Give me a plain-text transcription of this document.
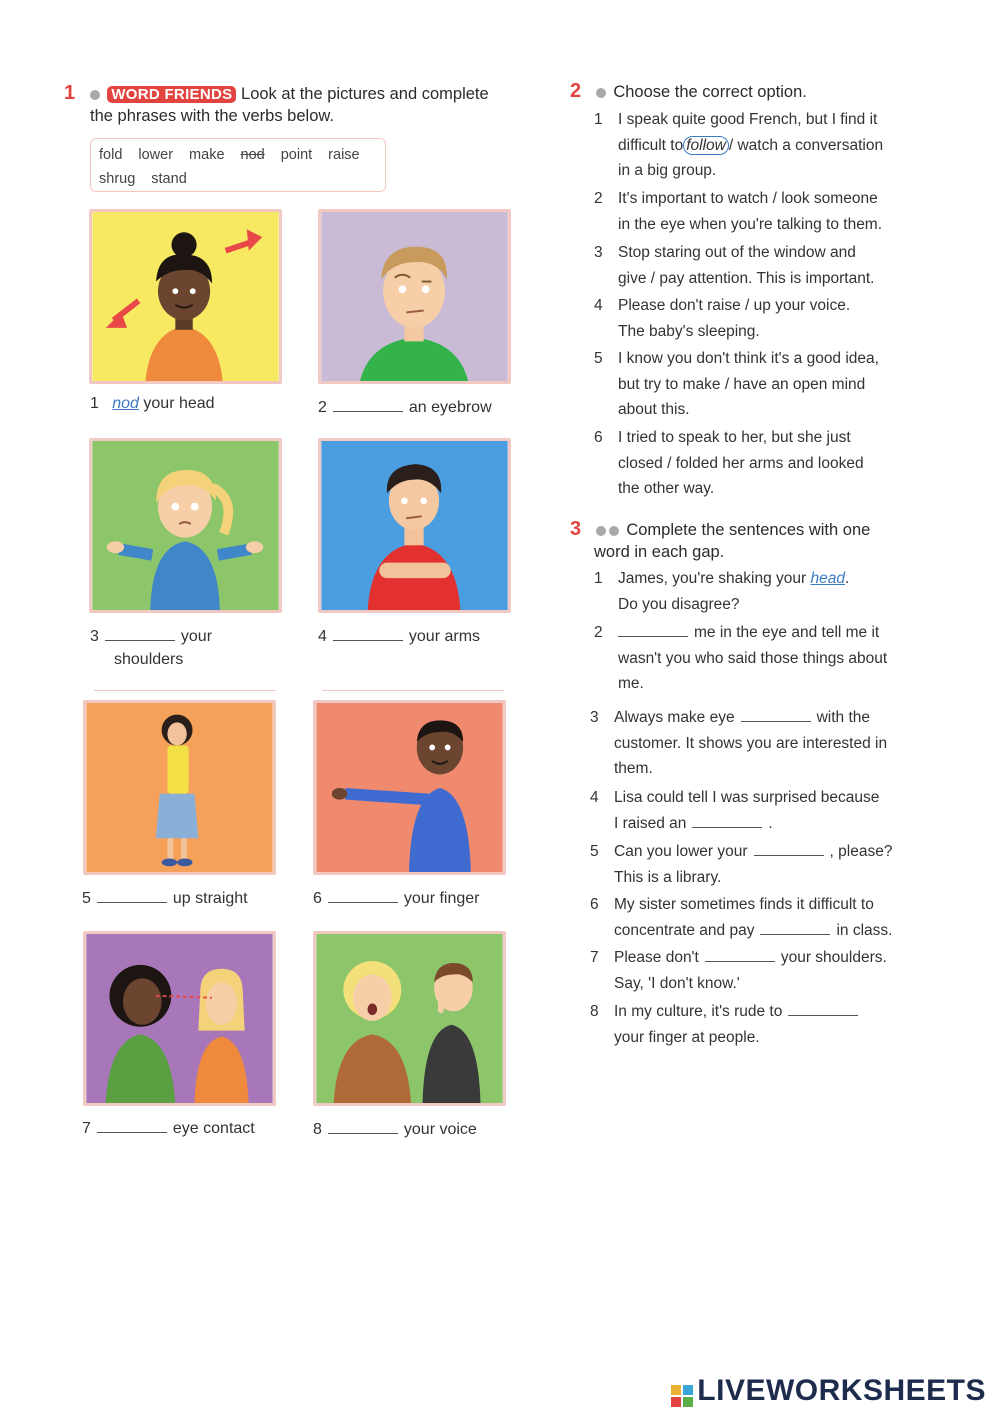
1 WORD FRIENDS Look at the pictures and complete
the phrases with the verbs below.
fold lower make nod point raise
shrug stand
1 nod your head	2	an eyebrow
3	your
shoulders
4	your arms
5	up straight	6	your finger
7	eye contact	8	your voice
2 Choose the correct option.
1 I speak quite good French, but I find it
difficult to follow / watch a conversation
in a big group.
2 It's important to watch / look someone
in the eye when you're talking to them.
3 Stop staring out of the window and
give / pay attention. This is important.
4 Please don't raise / up your voice.
The baby's sleeping.
5 I know you don't think it's a good idea,
but try to make / have an open mind
about this.
6 I tried to speak to her, but she just
closed / folded her arms and looked
the other way.
3	Complete the sentences with one
word in each gap.
1 James, you're shaking your head.
Do you disagree?
2	me in the eye and tell me it
wasn't you who said those things about
me.
3 Always make eye	with the
customer. It shows you are interested in
them.
4 Lisa could tell I was surprised because
I raised an	.
5 Can you lower your	, please?
This is a library.
6 My sister sometimes finds it difficult to
concentrate and pay	in class.
7 Please don't	your shoulders.
Say, 'I don't know.'
8 In my culture, it's rude to
your finger at people.
LIVEWORKSHEETS
